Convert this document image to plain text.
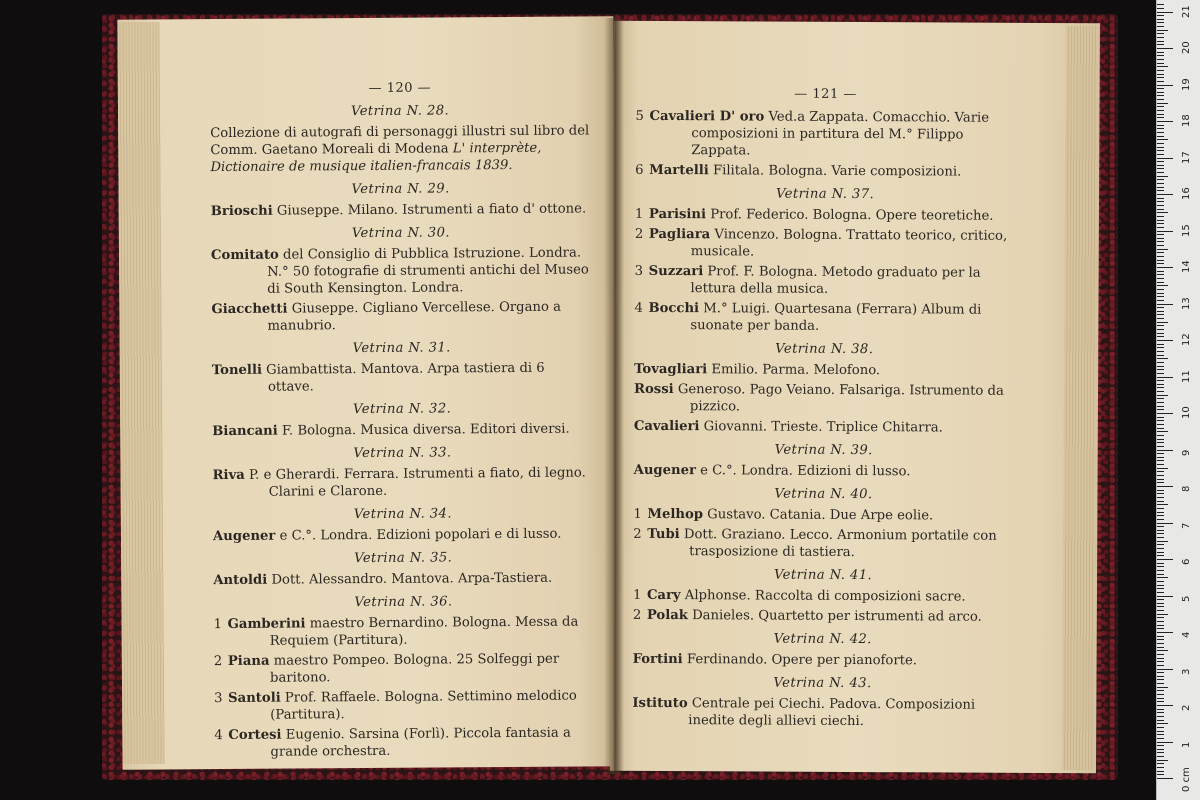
— 120 —
Vetrina N. 28.
Collezione di autografi di personaggi illustri sul libro del Comm. Gaetano Moreali di Modena L' interprète, Dictionaire de musique italien-francais 1839.
Vetrina N. 29.
Brioschi Giuseppe. Milano. Istrumenti a fiato d' ottone.
Vetrina N. 30.
Comitato del Consiglio di Pubblica Istruzione. Londra. N.° 50 fotografie di strumenti antichi del Museo di South Kensington. Londra.
Giacchetti Giuseppe. Cigliano Vercellese. Organo a manubrio.
Vetrina N. 31.
Tonelli Giambattista. Mantova. Arpa tastiera di 6 ottave.
Vetrina N. 32.
Biancani F. Bologna. Musica diversa. Editori diversi.
Vetrina N. 33.
Riva P. e Gherardi. Ferrara. Istrumenti a fiato, di legno. Clarini e Clarone.
Vetrina N. 34.
Augener e C.°. Londra. Edizioni popolari e di lusso.
Vetrina N. 35.
Antoldi Dott. Alessandro. Mantova. Arpa-Tastiera.
Vetrina N. 36.
1 Gamberini maestro Bernardino. Bologna. Messa da Requiem (Partitura).
2 Piana maestro Pompeo. Bologna. 25 Solfeggi per baritono.
3 Santoli Prof. Raffaele. Bologna. Settimino melodico (Partitura).
4 Cortesi Eugenio. Sarsina (Forlì). Piccola fantasia a grande orchestra.
— 121 —
5 Cavalieri D' oro Ved.a Zappata. Comacchio. Varie composizioni in partitura del M.° Filippo Zappata.
6 Martelli Filitala. Bologna. Varie composizioni.
Vetrina N. 37.
1 Parisini Prof. Federico. Bologna. Opere teoretiche.
2 Pagliara Vincenzo. Bologna. Trattato teorico, critico, musicale.
3 Suzzari Prof. F. Bologna. Metodo graduato per la lettura della musica.
4 Bocchi M.° Luigi. Quartesana (Ferrara) Album di suonate per banda.
Vetrina N. 38.
Tovagliari Emilio. Parma. Melofono.
Rossi Generoso. Pago Veiano. Falsariga. Istrumento da pizzico.
Cavalieri Giovanni. Trieste. Triplice Chitarra.
Vetrina N. 39.
Augener e C.°. Londra. Edizioni di lusso.
Vetrina N. 40.
1 Melhop Gustavo. Catania. Due Arpe eolie.
2 Tubi Dott. Graziano. Lecco. Armonium portatile con trasposizione di tastiera.
Vetrina N. 41.
1 Cary Alphonse. Raccolta di composizioni sacre.
2 Polak Danieles. Quartetto per istrumenti ad arco.
Vetrina N. 42.
Fortini Ferdinando. Opere per pianoforte.
Vetrina N. 43.
Istituto Centrale pei Ciechi. Padova. Composizioni inedite degli allievi ciechi.
0 cm
1
2
3
4
5
6
7
8
9
10
11
12
13
14
15
16
17
18
19
20
21
